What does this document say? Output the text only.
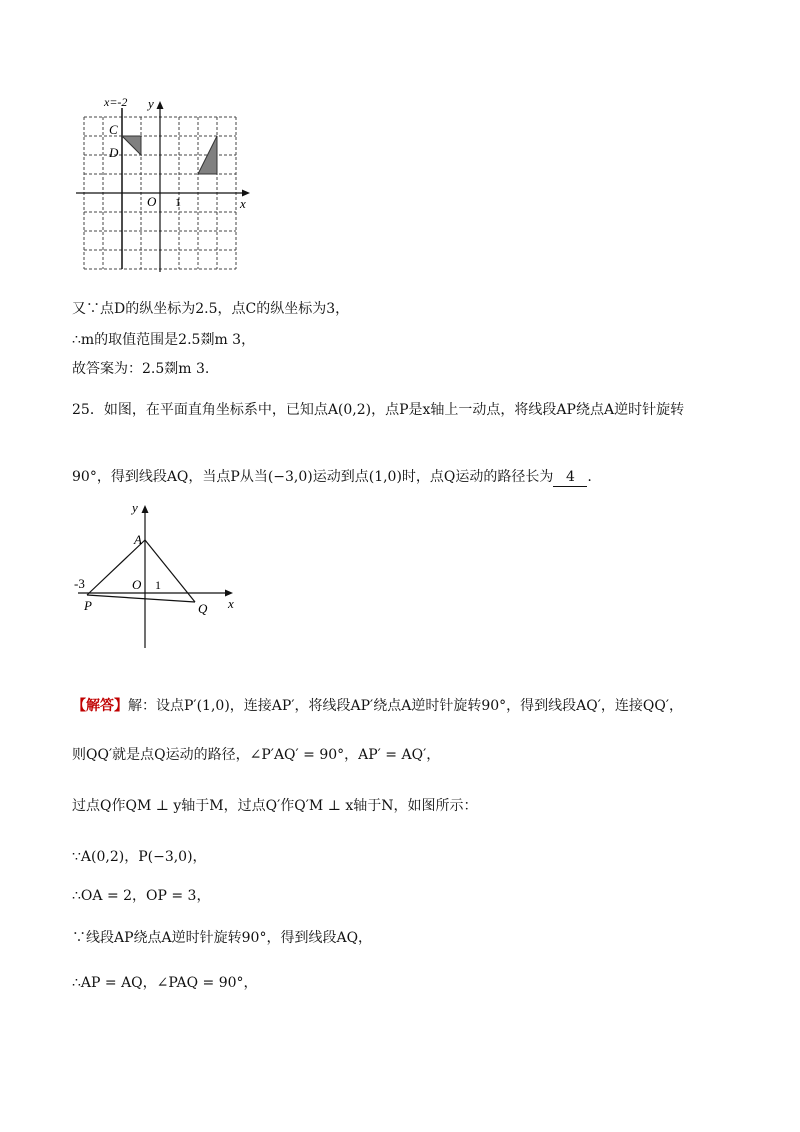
x=-2 y
x
O 1
C
D
又∵点D的纵坐标为2.5，点C的纵坐标为3，
∴m的取值范围是2.5剟m 3，
故答案为：2.5剟m 3.
25．如图，在平面直角坐标系中，已知点A(0,2)，点P是x轴上一动点，将线段AP绕点A逆时针旋转
90°，得到线段AQ，当点P从当(−3,0)运动到点(1,0)时，点Q运动的路径长为 4 .
y
x
A
O 1
-3
P	Q
【解答】解：设点P′(1,0)，连接AP′，将线段AP′绕点A逆时针旋转90°，得到线段AQ′，连接QQ′，
则QQ′就是点Q运动的路径，∠P′AQ′ = 90°，AP′ = AQ′，
过点Q作QM ⊥ y轴于M，过点Q′作Q′M ⊥ x轴于N，如图所示：
∵A(0,2)，P(−3,0)，
∴OA = 2，OP = 3，
∵线段AP绕点A逆时针旋转90°，得到线段AQ，
∴AP = AQ，∠PAQ = 90°，
